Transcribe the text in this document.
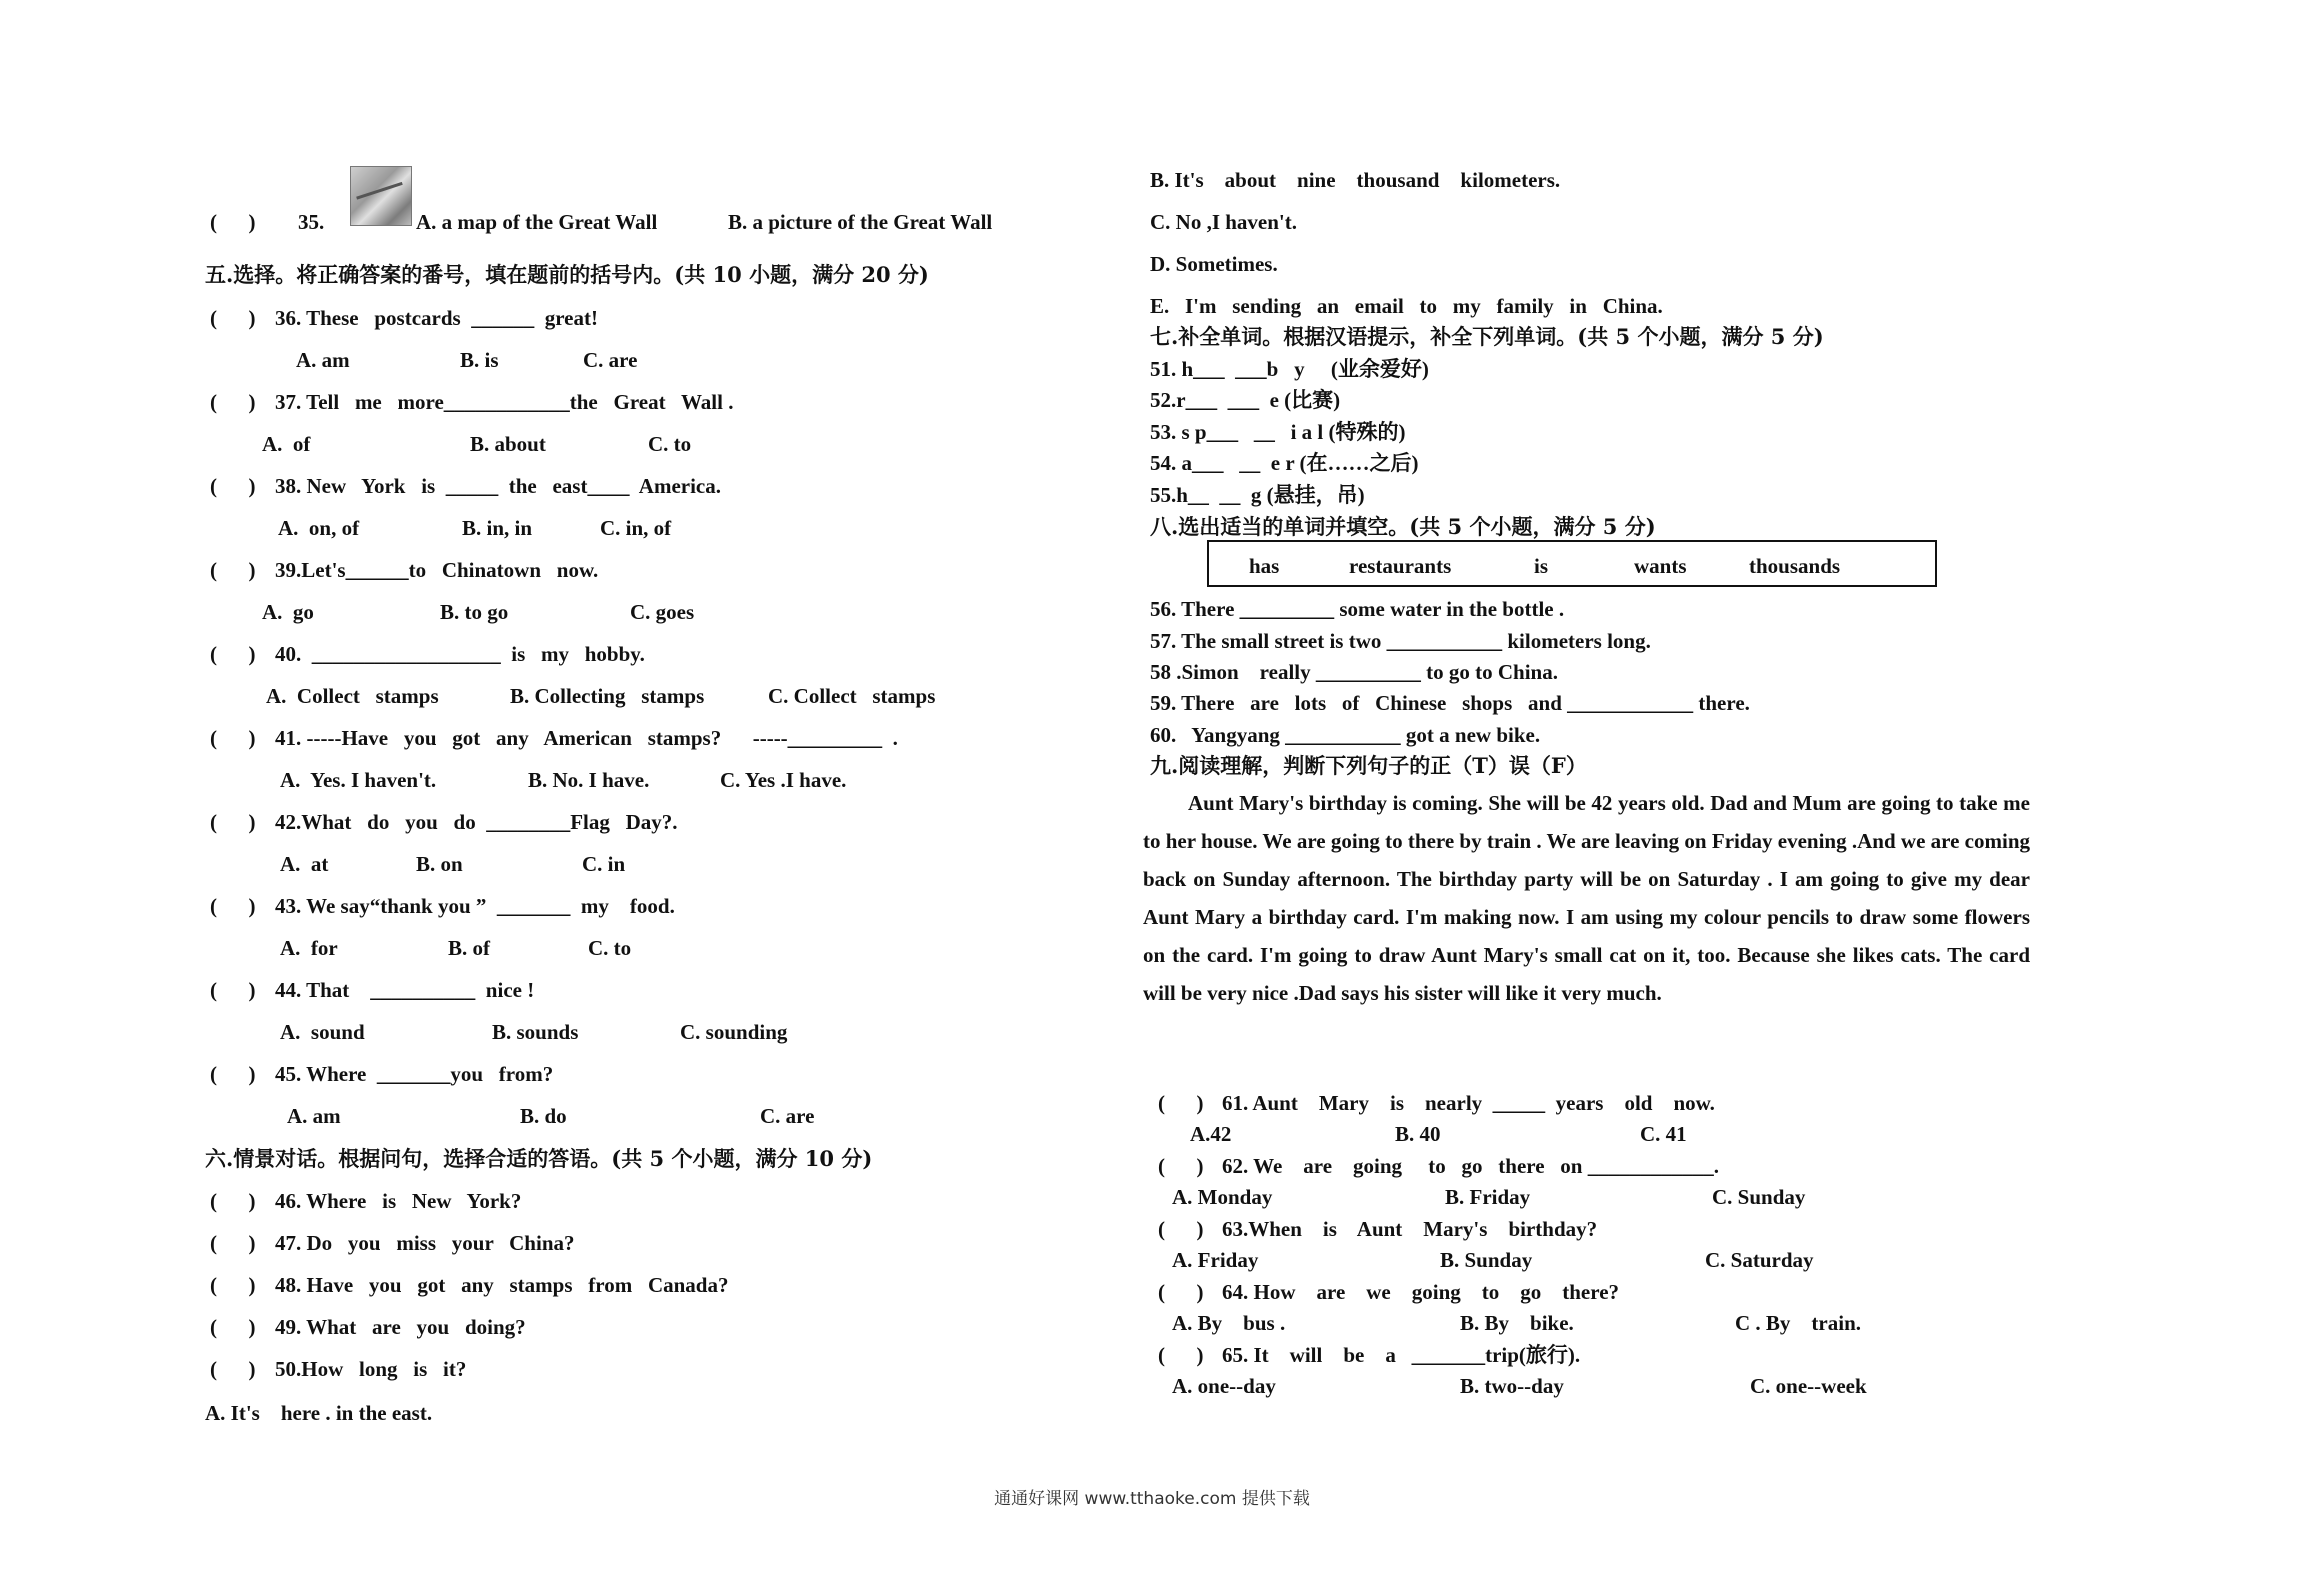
(      ) 35.	A. a map of the Great Wall	B. a picture of the Great Wall
五.选择。将正确答案的番号，填在题前的括号内。(共 10 小题，满分 20 分)
(      ) 36. These   postcards  ______  great!
A. am	B. is	C. are
(      ) 37. Tell   me   more____________the   Great   Wall .
A.  of	B. about	C. to
(      ) 38. New   York   is  _____  the   east____  America.
A.  on, of	B. in, in	C. in, of
(      ) 39.Let's______to   Chinatown   now.
A.  go	B. to go	C. goes
(      ) 40.  __________________  is   my   hobby.
A.  Collect   stamps	B. Collecting   stamps	C. Collect   stamps
(      ) 41. -----Have   you   got   any   American   stamps?      -----_________  .
A.  Yes. I haven't.	B. No. I have.	C. Yes .I have.
(      ) 42.What   do   you   do  ________Flag   Day?.
A.  at	B. on	C. in
(      ) 43. We say“thank you ”  _______  my    food.
A.  for	B. of	C. to
(      ) 44. That    __________  nice !
A.  sound	B. sounds	C. sounding
(      ) 45. Where  _______you   from?
A. am	B. do	C. are
六.情景对话。根据问句，选择合适的答语。(共 5 个小题，满分 10 分)
(      ) 46. Where   is   New   York?
(      ) 47. Do   you   miss   your   China?
(      ) 48. Have   you   got   any   stamps   from   Canada?
(      ) 49. What   are   you   doing?
(      ) 50.How   long   is   it?
A. It's    here . in the east.
B. It's    about    nine    thousand    kilometers.
C. No ,I haven't.
D. Sometimes.
E.   I'm   sending   an   email   to   my   family   in   China.
七.补全单词。根据汉语提示，补全下列单词。(共 5 个小题，满分 5 分)
51. h___  ___b   y     (业余爱好)
52.r___  ___  e (比赛)
53. s p___   __   i a l (特殊的)
54. a___   __  e r (在……之后)
55.h__  __  g (悬挂，吊)
八.选出适当的单词并填空。(共 5 个小题，满分 5 分)
has	restaurants	is	wants	thousands
56. There _________ some water in the bottle .
57. The small street is two ___________ kilometers long.
58 .Simon    really __________ to go to China.
59. There   are   lots   of   Chinese   shops   and ____________ there.
60.   Yangyang ___________ got a new bike.
九.阅读理解，判断下列句子的正（T）误（F）
Aunt Mary's birthday is coming. She will be 42 years old. Dad and Mum are going to take me to her house. We are going to there by train . We are leaving on Friday evening .And we are coming back on Sunday afternoon. The birthday party will be on Saturday . I am going to give my dear Aunt Mary a birthday card. I'm making now. I am using my colour pencils to draw some flowers on the card. I'm going to draw Aunt Mary's small cat on it, too. Because she likes cats. The card will be very nice .Dad says his sister will like it very much.
(      ) 61. Aunt    Mary    is    nearly  _____  years    old    now.
A.42	B. 40	C. 41
(      ) 62. We    are    going     to   go   there   on ____________.
A. Monday	B. Friday	C. Sunday
(      ) 63.When    is    Aunt    Mary's    birthday?
A. Friday	B. Sunday	C. Saturday
(      ) 64. How    are    we    going    to    go    there?
A. By    bus .	B. By    bike.	C . By    train.
(      ) 65. It    will    be    a   _______trip(旅行).
A. one--day	B. two--day	C. one--week
通通好课网 www.tthaoke.com 提供下载
